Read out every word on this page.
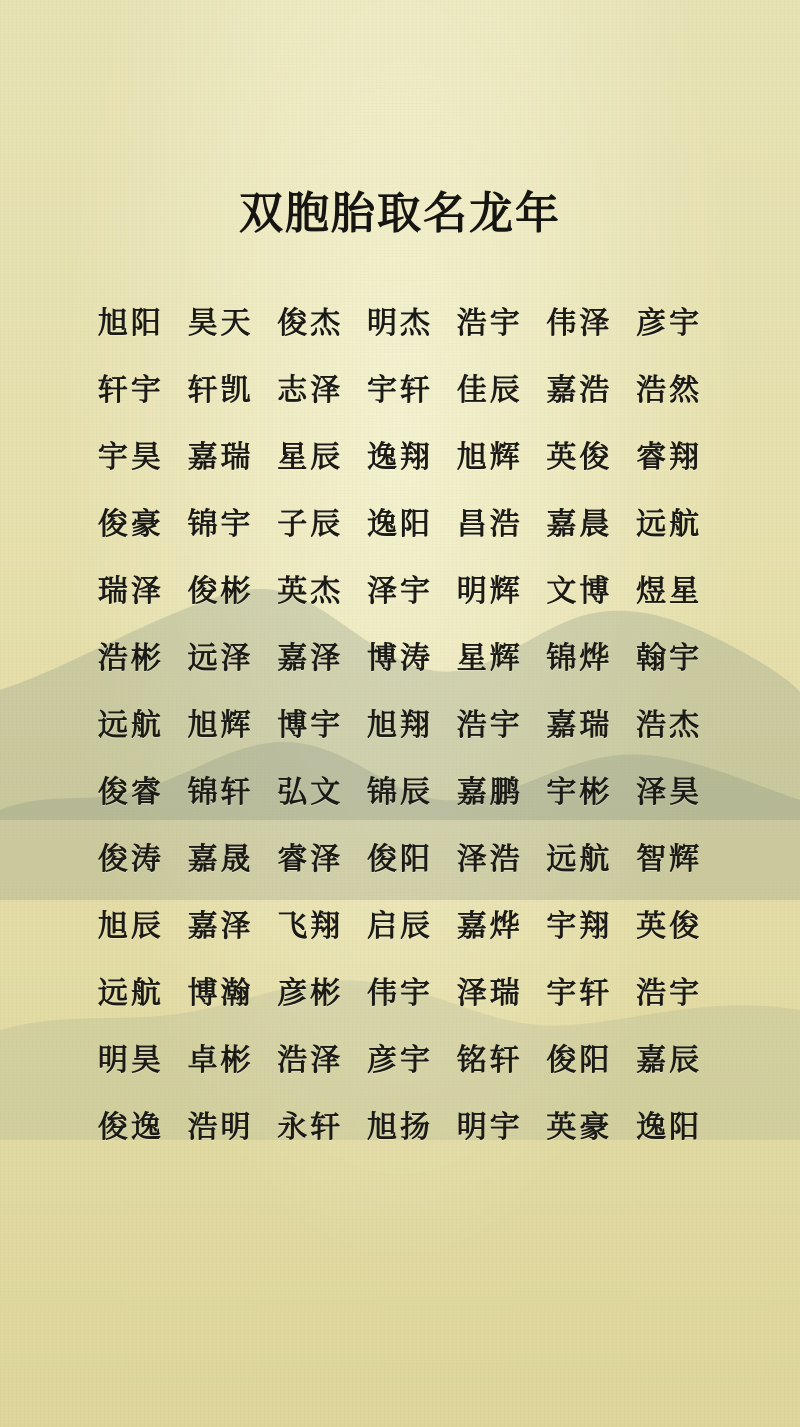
双胞胎取名龙年
旭阳 昊天 俊杰 明杰 浩宇 伟泽 彦宇
轩宇 轩凯 志泽 宇轩 佳辰 嘉浩 浩然
宇昊 嘉瑞 星辰 逸翔 旭辉 英俊 睿翔
俊豪 锦宇 子辰 逸阳 昌浩 嘉晨 远航
瑞泽 俊彬 英杰 泽宇 明辉 文博 煜星
浩彬 远泽 嘉泽 博涛 星辉 锦烨 翰宇
远航 旭辉 博宇 旭翔 浩宇 嘉瑞 浩杰
俊睿 锦轩 弘文 锦辰 嘉鹏 宇彬 泽昊
俊涛 嘉晟 睿泽 俊阳 泽浩 远航 智辉
旭辰 嘉泽 飞翔 启辰 嘉烨 宇翔 英俊
远航 博瀚 彦彬 伟宇 泽瑞 宇轩 浩宇
明昊 卓彬 浩泽 彦宇 铭轩 俊阳 嘉辰
俊逸 浩明 永轩 旭扬 明宇 英豪 逸阳
